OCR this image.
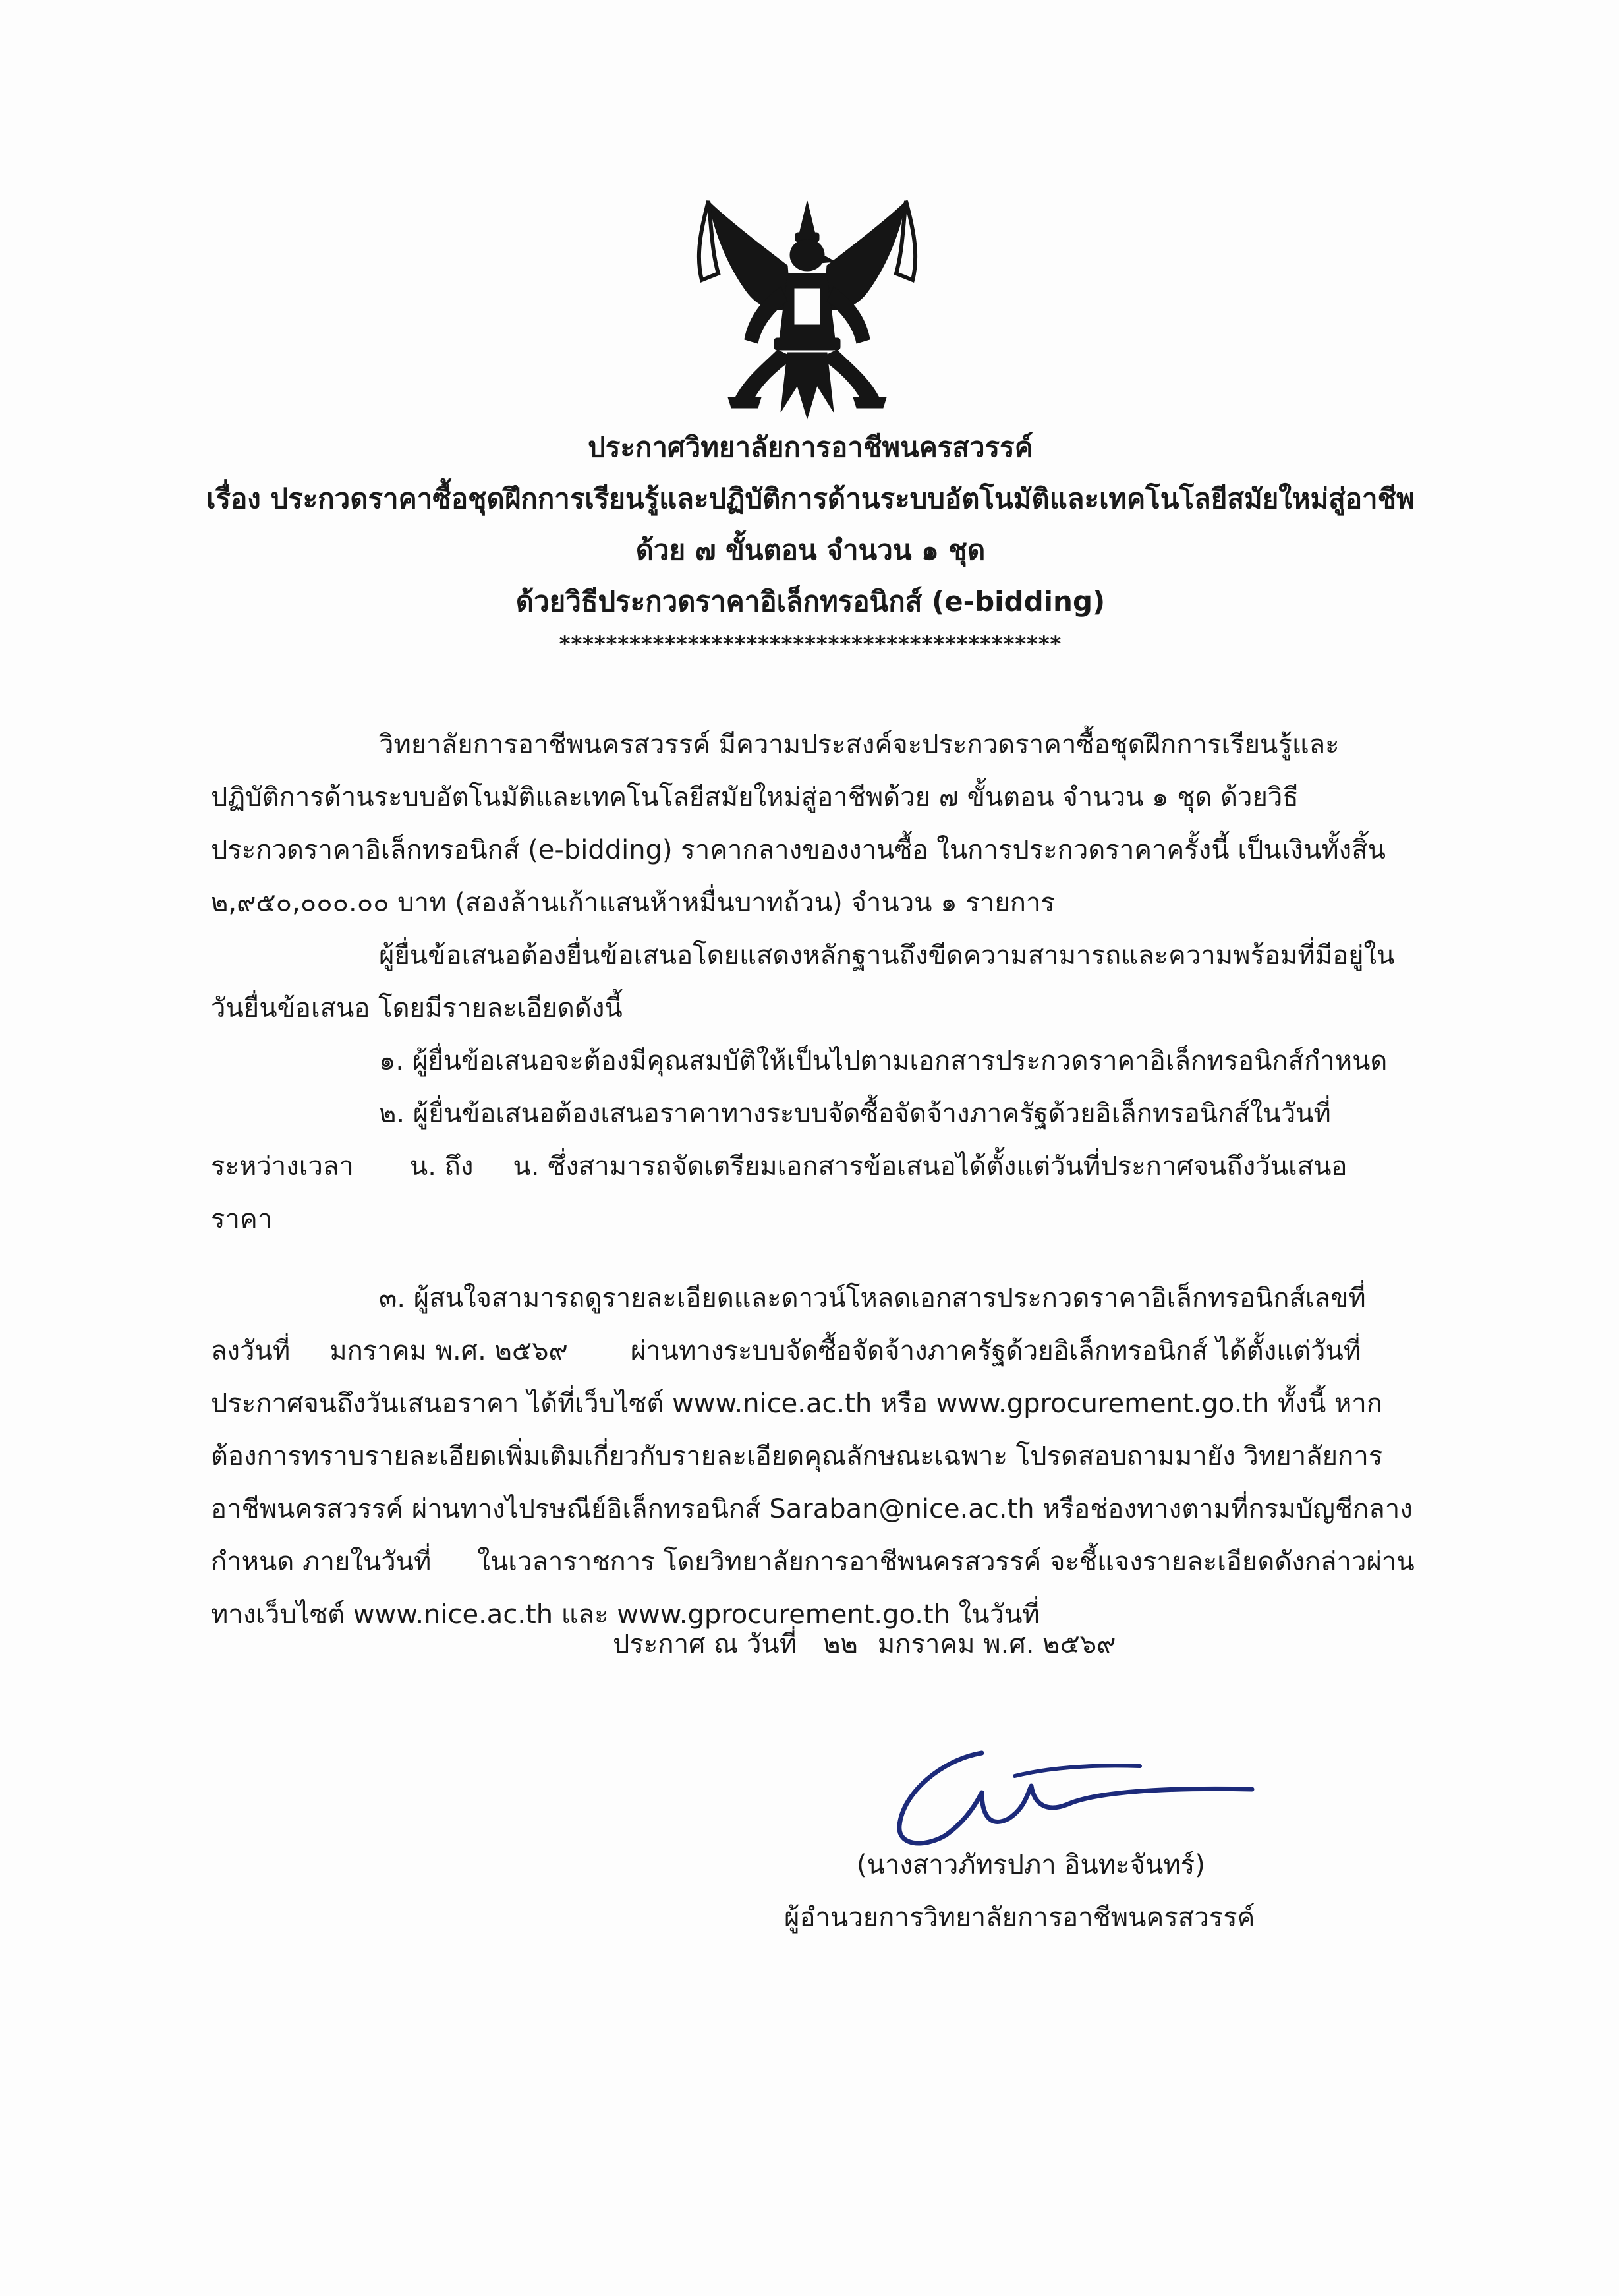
ประกาศวิทยาลัยการอาชีพนครสวรรค์
เรื่อง ประกวดราคาซื้อชุดฝึกการเรียนรู้และปฏิบัติการด้านระบบอัตโนมัติและเทคโนโลยีสมัยใหม่สู่อาชีพ
ด้วย ๗ ขั้นตอน จำนวน ๑ ชุด
ด้วยวิธีประกวดราคาอิเล็กทรอนิกส์ (e-bidding)
*******************************************
วิทยาลัยการอาชีพนครสวรรค์ มีความประสงค์จะประกวดราคาซื้อชุดฝึกการเรียนรู้และ
ปฏิบัติการด้านระบบอัตโนมัติและเทคโนโลยีสมัยใหม่สู่อาชีพด้วย ๗ ขั้นตอน จำนวน ๑ ชุด ด้วยวิธี
ประกวดราคาอิเล็กทรอนิกส์ (e-bidding) ราคากลางของงานซื้อ ในการประกวดราคาครั้งนี้ เป็นเงินทั้งสิ้น
๒,๙๕๐,๐๐๐.๐๐ บาท (สองล้านเก้าแสนห้าหมื่นบาทถ้วน) จำนวน ๑ รายการ
ผู้ยื่นข้อเสนอต้องยื่นข้อเสนอโดยแสดงหลักฐานถึงขีดความสามารถและความพร้อมที่มีอยู่ใน
วันยื่นข้อเสนอ โดยมีรายละเอียดดังนี้
๑. ผู้ยื่นข้อเสนอจะต้องมีคุณสมบัติให้เป็นไปตามเอกสารประกวดราคาอิเล็กทรอนิกส์กำหนด
๒. ผู้ยื่นข้อเสนอต้องเสนอราคาทางระบบจัดซื้อจัดจ้างภาครัฐด้วยอิเล็กทรอนิกส์ในวันที่
ระหว่างเวลา น. ถึง น. ซึ่งสามารถจัดเตรียมเอกสารข้อเสนอได้ตั้งแต่วันที่ประกาศจนถึงวันเสนอ
ราคา
๓. ผู้สนใจสามารถดูรายละเอียดและดาวน์โหลดเอกสารประกวดราคาอิเล็กทรอนิกส์เลขที่
ลงวันที่ มกราคม พ.ศ. ๒๕๖๙ ผ่านทางระบบจัดซื้อจัดจ้างภาครัฐด้วยอิเล็กทรอนิกส์ ได้ตั้งแต่วันที่
ประกาศจนถึงวันเสนอราคา ได้ที่เว็บไซต์ www.nice.ac.th หรือ www.gprocurement.go.th ทั้งนี้ หาก
ต้องการทราบรายละเอียดเพิ่มเติมเกี่ยวกับรายละเอียดคุณลักษณะเฉพาะ โปรดสอบถามมายัง วิทยาลัยการ
อาชีพนครสวรรค์ ผ่านทางไปรษณีย์อิเล็กทรอนิกส์ Saraban@nice.ac.th หรือช่องทางตามที่กรมบัญชีกลาง
กำหนด ภายในวันที่ ในเวลาราชการ โดยวิทยาลัยการอาชีพนครสวรรค์ จะชี้แจงรายละเอียดดังกล่าวผ่าน
ทางเว็บไซต์ www.nice.ac.th และ www.gprocurement.go.th ในวันที่
ประกาศ ณ วันที่ ๒๒ มกราคม พ.ศ. ๒๕๖๙
(นางสาวภัทรปภา อินทะจันทร์)
ผู้อำนวยการวิทยาลัยการอาชีพนครสวรรค์
